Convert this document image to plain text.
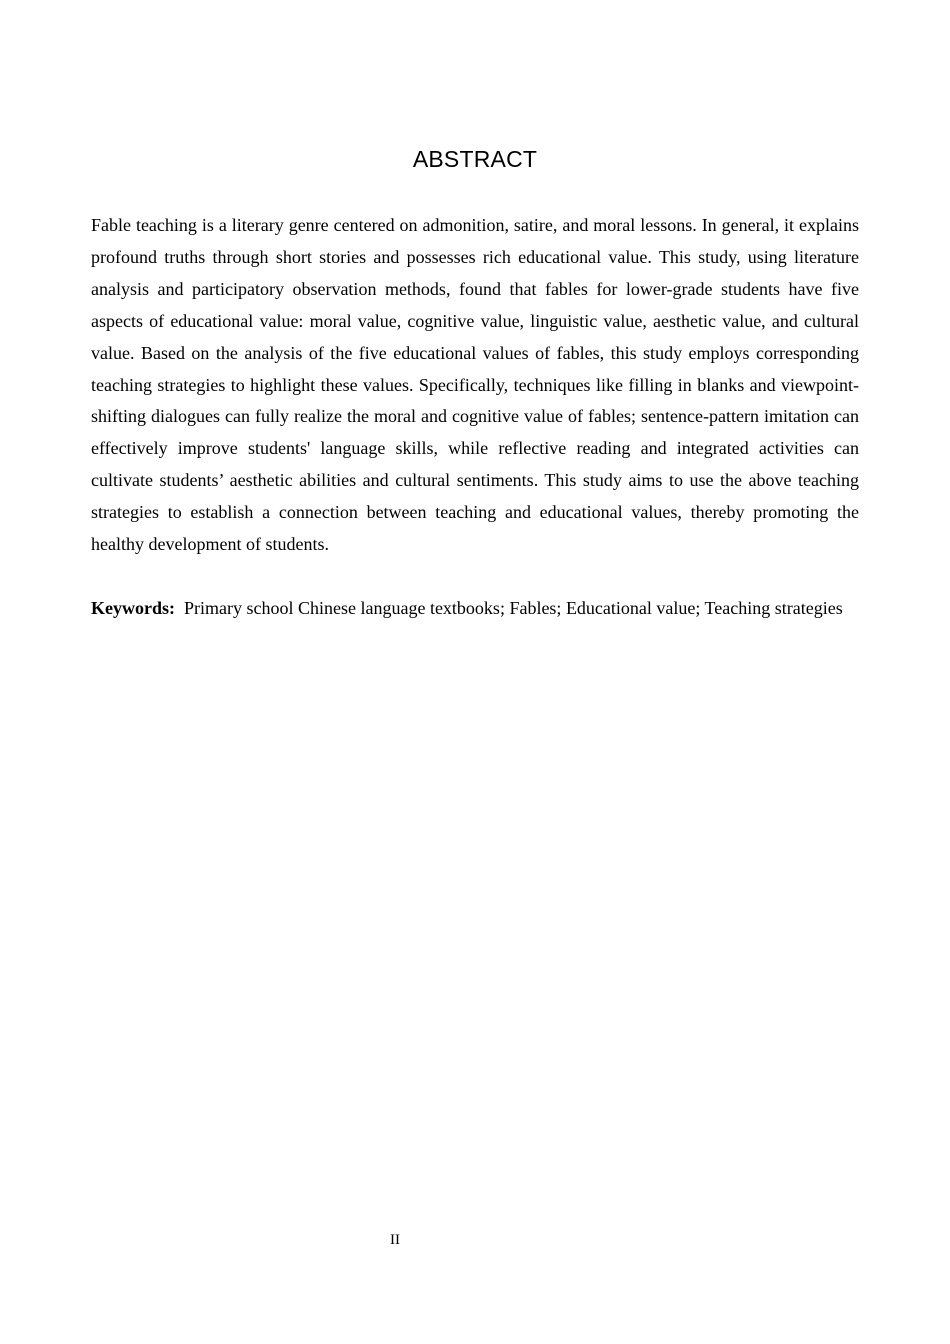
ABSTRACT

Fable teaching is a literary genre centered on admonition, satire, and moral lessons. In general, it explains profound truths through short stories and possesses rich educational value. This study, using literature analysis and participatory observation methods, found that fables for lower-grade students have five aspects of educational value: moral value, cognitive value, linguistic value, aesthetic value, and cultural value. Based on the analysis of the five educational values of fables, this study employs corresponding teaching strategies to highlight these values. Specifically, techniques like filling in blanks and viewpoint-shifting dialogues can fully realize the moral and cognitive value of fables; sentence-pattern imitation can effectively improve students' language skills, while reflective reading and integrated activities can cultivate students’ aesthetic abilities and cultural sentiments. This study aims to use the above teaching strategies to establish a connection between teaching and educational values, thereby promoting the healthy development of students.

Keywords: Primary school Chinese language textbooks; Fables; Educational value; Teaching strategies

II
